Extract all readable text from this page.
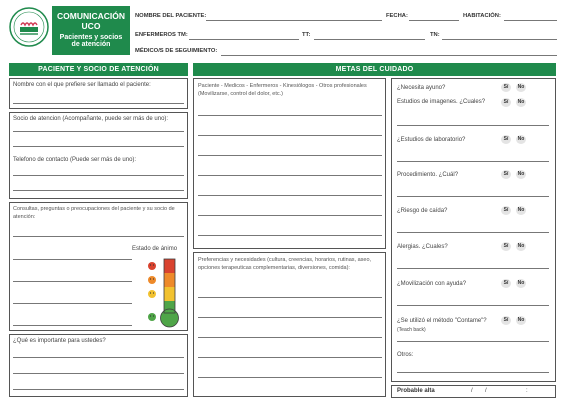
COMUNICACIÓN
UCO
Pacientes y socios
de atención
NOMBRE DEL PACIENTE:	FECHA:	HABITACIÓN:
ENFERMEROS TM:	TT:	TN:
MÉDICO/S DE SEGUIMIENTO:
PACIENTE Y SOCIO DE ATENCIÓN	METAS DEL CUIDADO
Nombre con el que prefiere ser llamado el paciente:
Socio de atencion (Acompañante, puede ser más de uno):
Telefono de contacto (Puede ser más de uno):
Consultas, preguntas o preocupaciones del paciente y su socio de atención:
Estado de ánimo
¿Qué es importante para ustedes?
Paciente - Medicos - Enfermeros - Kinesiólogos - Otros profesionales (Movilizarse, control del dolor, etc.)
Preferencias y necesidades (cultura, creencias, horarios, rutinas, aseo, opciones terapeuticas complementarias, diversiones, comida):
¿Necesita ayuno?	Sí	No
Estudios de imagenes. ¿Cuales?	Sí	No
¿Estudios de laboratorio?	Sí	No
Procedimiento. ¿Cuál?	Sí	No
¿Riesgo de caída?	Sí	No
Alergias. ¿Cuales?	Sí	No
¿Movilización con ayuda?	Sí	No
¿Se utilizó el método "Contame"?
(Teach back)
Sí	No
Otros:
Probable alta	/ /	:
